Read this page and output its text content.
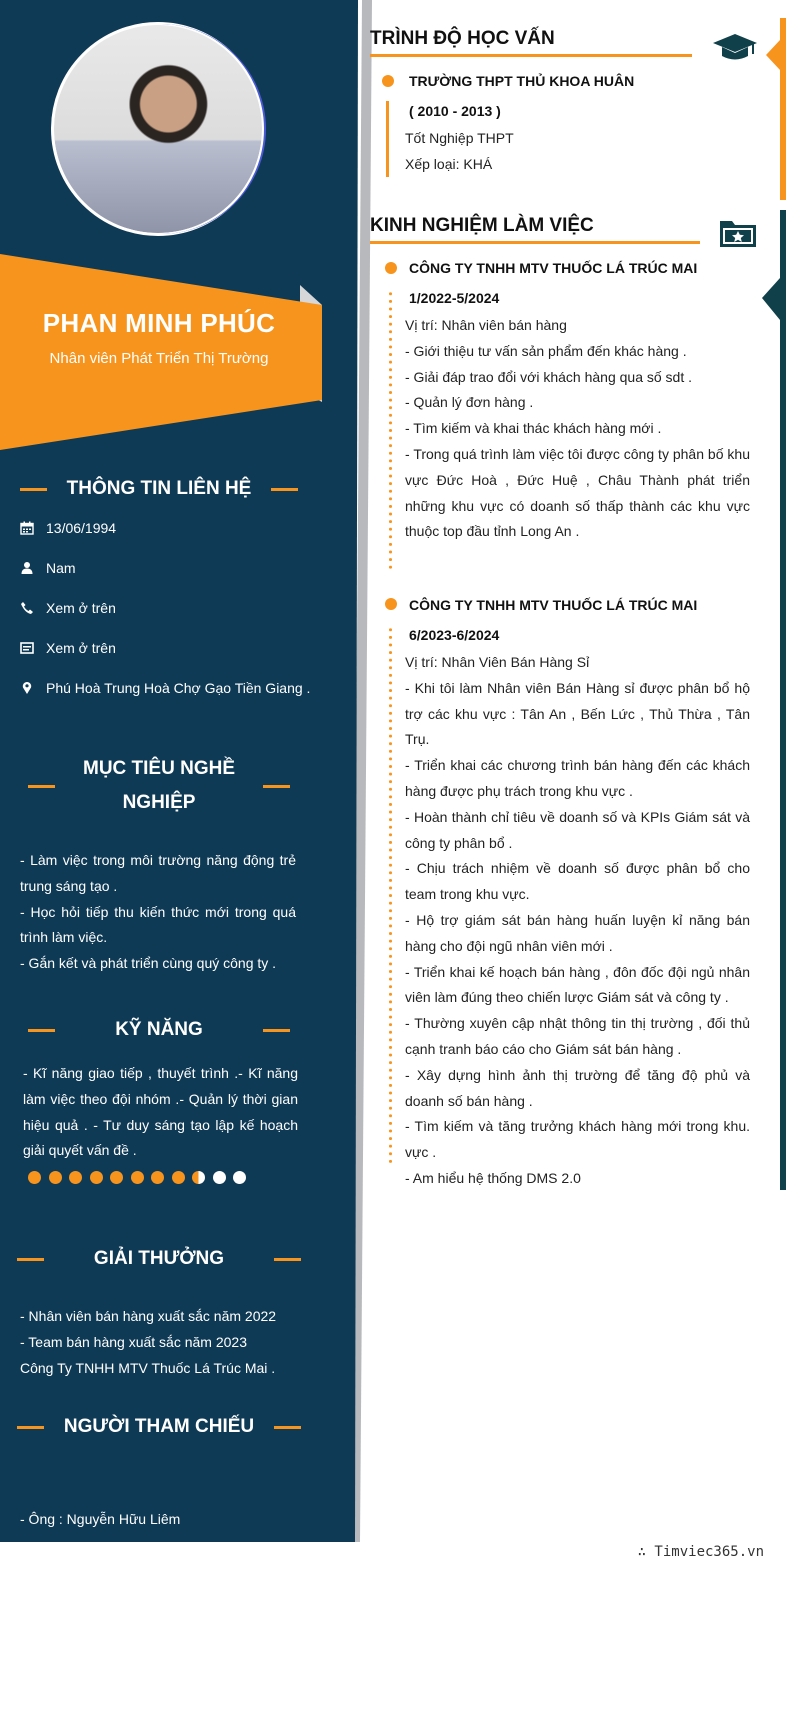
PHAN MINH PHÚC
Nhân viên Phát Triển Thị Trường
THÔNG TIN LIÊN HỆ
13/06/1994
Nam
Xem ở trên
Xem ở trên
Phú Hoà Trung Hoà Chợ Gạo Tiền Giang .
MỤC TIÊU NGHỀ
NGHIỆP
- Làm việc trong môi trường năng động trẻ trung sáng tạo .
- Học hỏi tiếp thu kiến thức mới trong quá trình làm việc.
- Gắn kết và phát triển cùng quý công ty .
KỸ NĂNG
- Kĩ năng giao tiếp , thuyết trình .- Kĩ năng làm việc theo đội nhóm .- Quản lý thời gian hiệu quả . - Tư duy sáng tạo lập kế hoạch giải quyết vấn đề .
GIẢI THƯỞNG
- Nhân viên bán hàng xuất sắc năm 2022
- Team bán hàng xuất sắc năm 2023
Công Ty TNHH MTV Thuốc Lá Trúc Mai .
NGƯỜI THAM CHIẾU

- Ông : Nguyễn Hữu Liêm

- Chức vụ : Giám sát bán hàng

- SDT : 0983511691

TRÌNH ĐỘ HỌC VẤN
TRƯỜNG THPT THỦ KHOA HUÂN
( 2010 - 2013 )
Tốt Nghiệp THPT
Xếp loại: KHÁ
KINH NGHIỆM LÀM VIỆC
CÔNG TY TNHH MTV THUỐC LÁ TRÚC MAI
1/2022-5/2024
Vị trí: Nhân viên bán hàng
- Giới thiệu tư vấn sản phẩm đến khác hàng .
- Giải đáp trao đổi với khách hàng qua số sdt .
- Quản lý đơn hàng .
- Tìm kiếm và khai thác khách hàng mới .
- Trong quá trình làm việc tôi được công ty phân bố khu vực Đức Hoà , Đức Huệ , Châu Thành phát triển những khu vực có doanh số thấp thành các khu vực thuộc top đầu tỉnh Long An .
CÔNG TY TNHH MTV THUỐC LÁ TRÚC MAI
6/2023-6/2024
Vị trí: Nhân Viên Bán Hàng Sỉ
- Khi tôi làm Nhân viên Bán Hàng sỉ được phân bổ hộ trợ các khu vực : Tân An , Bến Lức , Thủ Thừa , Tân Trụ.
- Triển khai các chương trình bán hàng đến các khách hàng được phụ trách trong khu vực .
- Hoàn thành chỉ tiêu về doanh số và KPIs Giám sát và công ty phân bổ .
- Chịu trách nhiệm về doanh số được phân bổ cho team trong khu vực.
- Hộ trợ giám sát bán hàng huấn luyện kỉ năng bán hàng cho đội ngũ nhân viên mới .
- Triển khai kế hoạch bán hàng , đôn đốc đội ngủ nhân viên làm đúng theo chiến lược Giám sát và công ty .
- Thường xuyên cập nhật thông tin thị trường , đối thủ cạnh tranh báo cáo cho Giám sát bán hàng .
- Xây dựng hình ảnh thị trường để tăng độ phủ và doanh số bán hàng .
- Tìm kiếm và tăng trưởng khách hàng mới trong khu. vực .
- Am hiểu hệ thống DMS 2.0
∴ Timviec365.vn
